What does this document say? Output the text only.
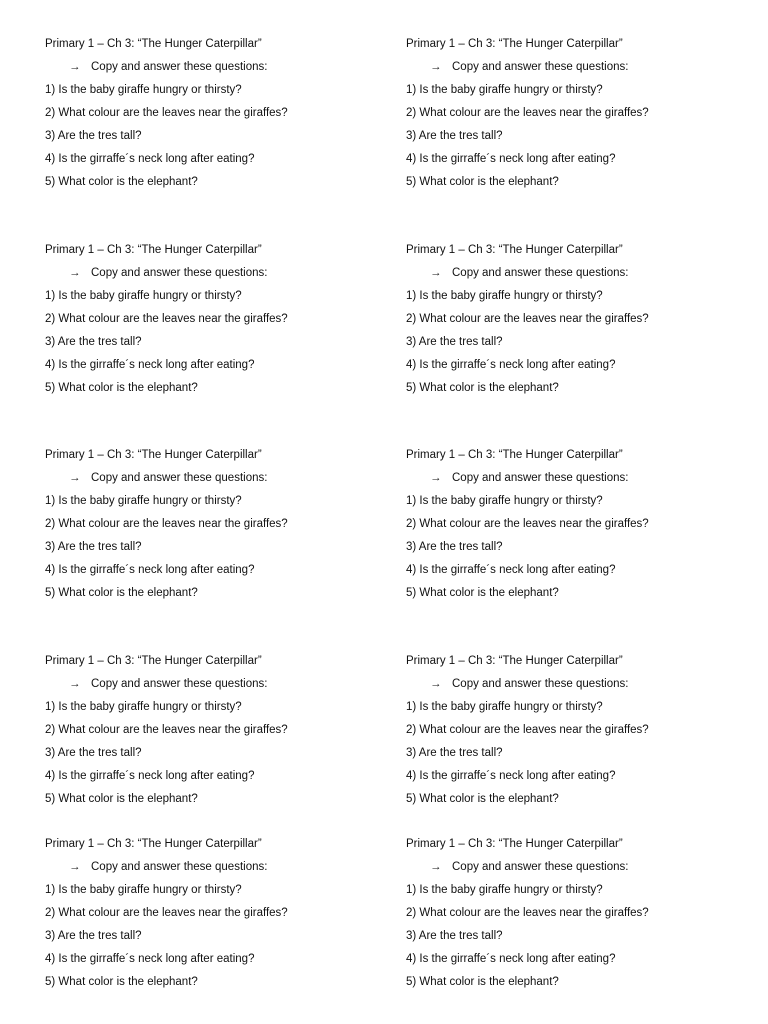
Primary 1 – Ch 3: “The Hunger Caterpillar”
→ Copy and answer these questions:
1) Is the baby giraffe hungry or thirsty?
2) What colour are the leaves near the giraffes?
3) Are the tres tall?
4) Is the girraffe´s neck long after eating?
5) What color is the elephant?
Primary 1 – Ch 3: “The Hunger Caterpillar”
→ Copy and answer these questions:
1) Is the baby giraffe hungry or thirsty?
2) What colour are the leaves near the giraffes?
3) Are the tres tall?
4) Is the girraffe´s neck long after eating?
5) What color is the elephant?
Primary 1 – Ch 3: “The Hunger Caterpillar”
→ Copy and answer these questions:
1) Is the baby giraffe hungry or thirsty?
2) What colour are the leaves near the giraffes?
3) Are the tres tall?
4) Is the girraffe´s neck long after eating?
5) What color is the elephant?
Primary 1 – Ch 3: “The Hunger Caterpillar”
→ Copy and answer these questions:
1) Is the baby giraffe hungry or thirsty?
2) What colour are the leaves near the giraffes?
3) Are the tres tall?
4) Is the girraffe´s neck long after eating?
5) What color is the elephant?
Primary 1 – Ch 3: “The Hunger Caterpillar”
→ Copy and answer these questions:
1) Is the baby giraffe hungry or thirsty?
2) What colour are the leaves near the giraffes?
3) Are the tres tall?
4) Is the girraffe´s neck long after eating?
5) What color is the elephant?
Primary 1 – Ch 3: “The Hunger Caterpillar”
→ Copy and answer these questions:
1) Is the baby giraffe hungry or thirsty?
2) What colour are the leaves near the giraffes?
3) Are the tres tall?
4) Is the girraffe´s neck long after eating?
5) What color is the elephant?
Primary 1 – Ch 3: “The Hunger Caterpillar”
→ Copy and answer these questions:
1) Is the baby giraffe hungry or thirsty?
2) What colour are the leaves near the giraffes?
3) Are the tres tall?
4) Is the girraffe´s neck long after eating?
5) What color is the elephant?
Primary 1 – Ch 3: “The Hunger Caterpillar”
→ Copy and answer these questions:
1) Is the baby giraffe hungry or thirsty?
2) What colour are the leaves near the giraffes?
3) Are the tres tall?
4) Is the girraffe´s neck long after eating?
5) What color is the elephant?
Primary 1 – Ch 3: “The Hunger Caterpillar”
→ Copy and answer these questions:
1) Is the baby giraffe hungry or thirsty?
2) What colour are the leaves near the giraffes?
3) Are the tres tall?
4) Is the girraffe´s neck long after eating?
5) What color is the elephant?
Primary 1 – Ch 3: “The Hunger Caterpillar”
→ Copy and answer these questions:
1) Is the baby giraffe hungry or thirsty?
2) What colour are the leaves near the giraffes?
3) Are the tres tall?
4) Is the girraffe´s neck long after eating?
5) What color is the elephant?
